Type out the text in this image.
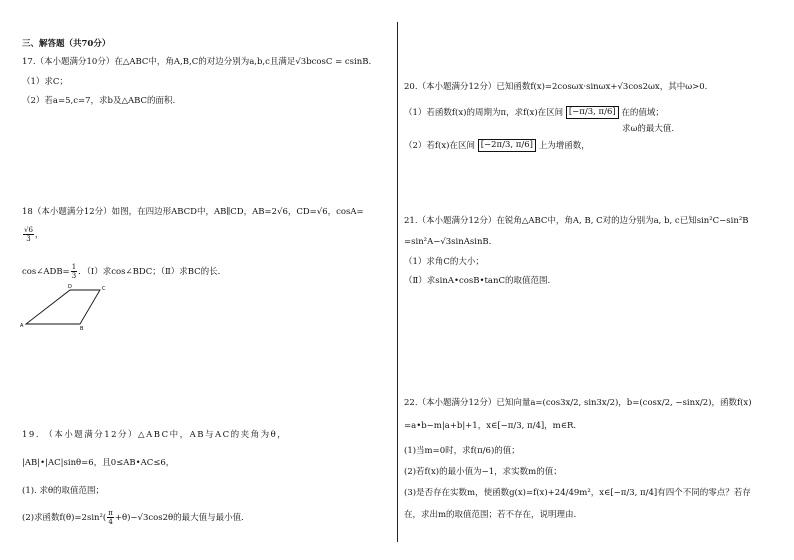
三、解答题（共70分）
17.（本小题满分10分）在△ABC中，角A,B,C的对边分别为a,b,c且满足√3bcosC = csinB.
（1）求C；
（2）若a=5,c=7，求b及△ABC的面积.
18（本小题满分12分）如图，在四边形ABCD中，AB∥CD，AB=2√6，CD=√6，cosA=
$\frac{√6}{3}$ ，
cos∠ADB= $\frac{1}{3}$ ．（Ⅰ）求cos∠BDC；（Ⅱ）求BC的长．
D	C
A	B
19. （本小题满分12分）△ABC中，AB与AC的夹角为θ，
|AB|•|AC|sinθ=6，且0≤AB•AC≤6，
(1). 求θ的取值范围；
(2)求函数$f(\theta)=2\sin^2( \frac{\pi}{4} +\theta)-√3\cos 2\theta$的最大值与最小值．
20.（本小题满分12分）已知函数f(x)=2cosωx·sinωx+√3cos2ωx，其中ω>0.
（1）若函数f(x)的周期为π，求f(x)在区间 [−π/3, π/6] 在的值域；
求ω的最大值.
（2）若f(x)在区间 [−2π/3, π/6] 上为增函数，
21.（本小题满分12分）在锐角△ABC中，角A, B, C对的边分别为a, b, c已知sin²C−sin²B
=sin²A−√3sinAsinB.
（1）求角C的大小；
（Ⅱ）求sinA•cosB•tanC的取值范围.
22.（本小题满分12分）已知向量a=(cos3x/2, sin3x/2)，b=(cosx/2, −sinx/2)，函数f(x)
=a•b−m|a+b|+1，x∈[−π/3, π/4]，m∈R.
(1)当m=0时，求f(π/6)的值；
(2)若f(x)的最小值为−1，求实数m的值；
(3)是否存在实数m，使函数g(x)=f(x)+24/49m²，x∈[−π/3, π/4]有四个不同的零点？若存
在，求出m的取值范围；若不存在，说明理由.
